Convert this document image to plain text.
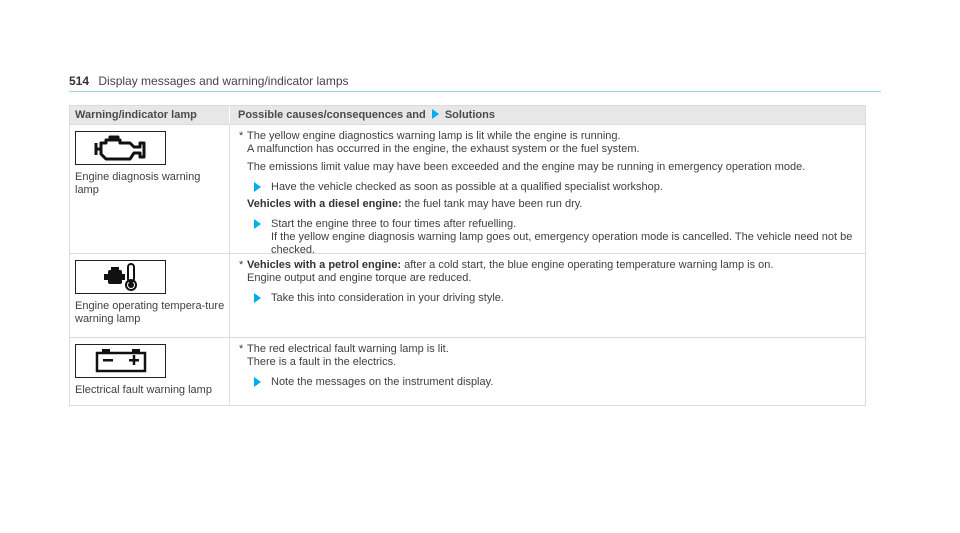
514 Display messages and warning/indicator lamps
Warning/indicator lamp	Possible causes/consequences and Solutions
Engine diagnosis warning lamp
* The yellow engine diagnostics warning lamp is lit while the engine is running.
A malfunction has occurred in the engine, the exhaust system or the fuel system.
The emissions limit value may have been exceeded and the engine may be running in emergency operation mode.
Have the vehicle checked as soon as possible at a qualified specialist workshop.
Vehicles with a diesel engine: the fuel tank may have been run dry.
Start the engine three to four times after refuelling.
If the yellow engine diagnosis warning lamp goes out, emergency operation mode is cancelled. The vehicle need not be checked.
Engine operating tempera-ture warning lamp
* Vehicles with a petrol engine: after a cold start, the blue engine operating temperature warning lamp is on.
Engine output and engine torque are reduced.
Take this into consideration in your driving style.
Electrical fault warning lamp
* The red electrical fault warning lamp is lit.
There is a fault in the electrics.
Note the messages on the instrument display.
